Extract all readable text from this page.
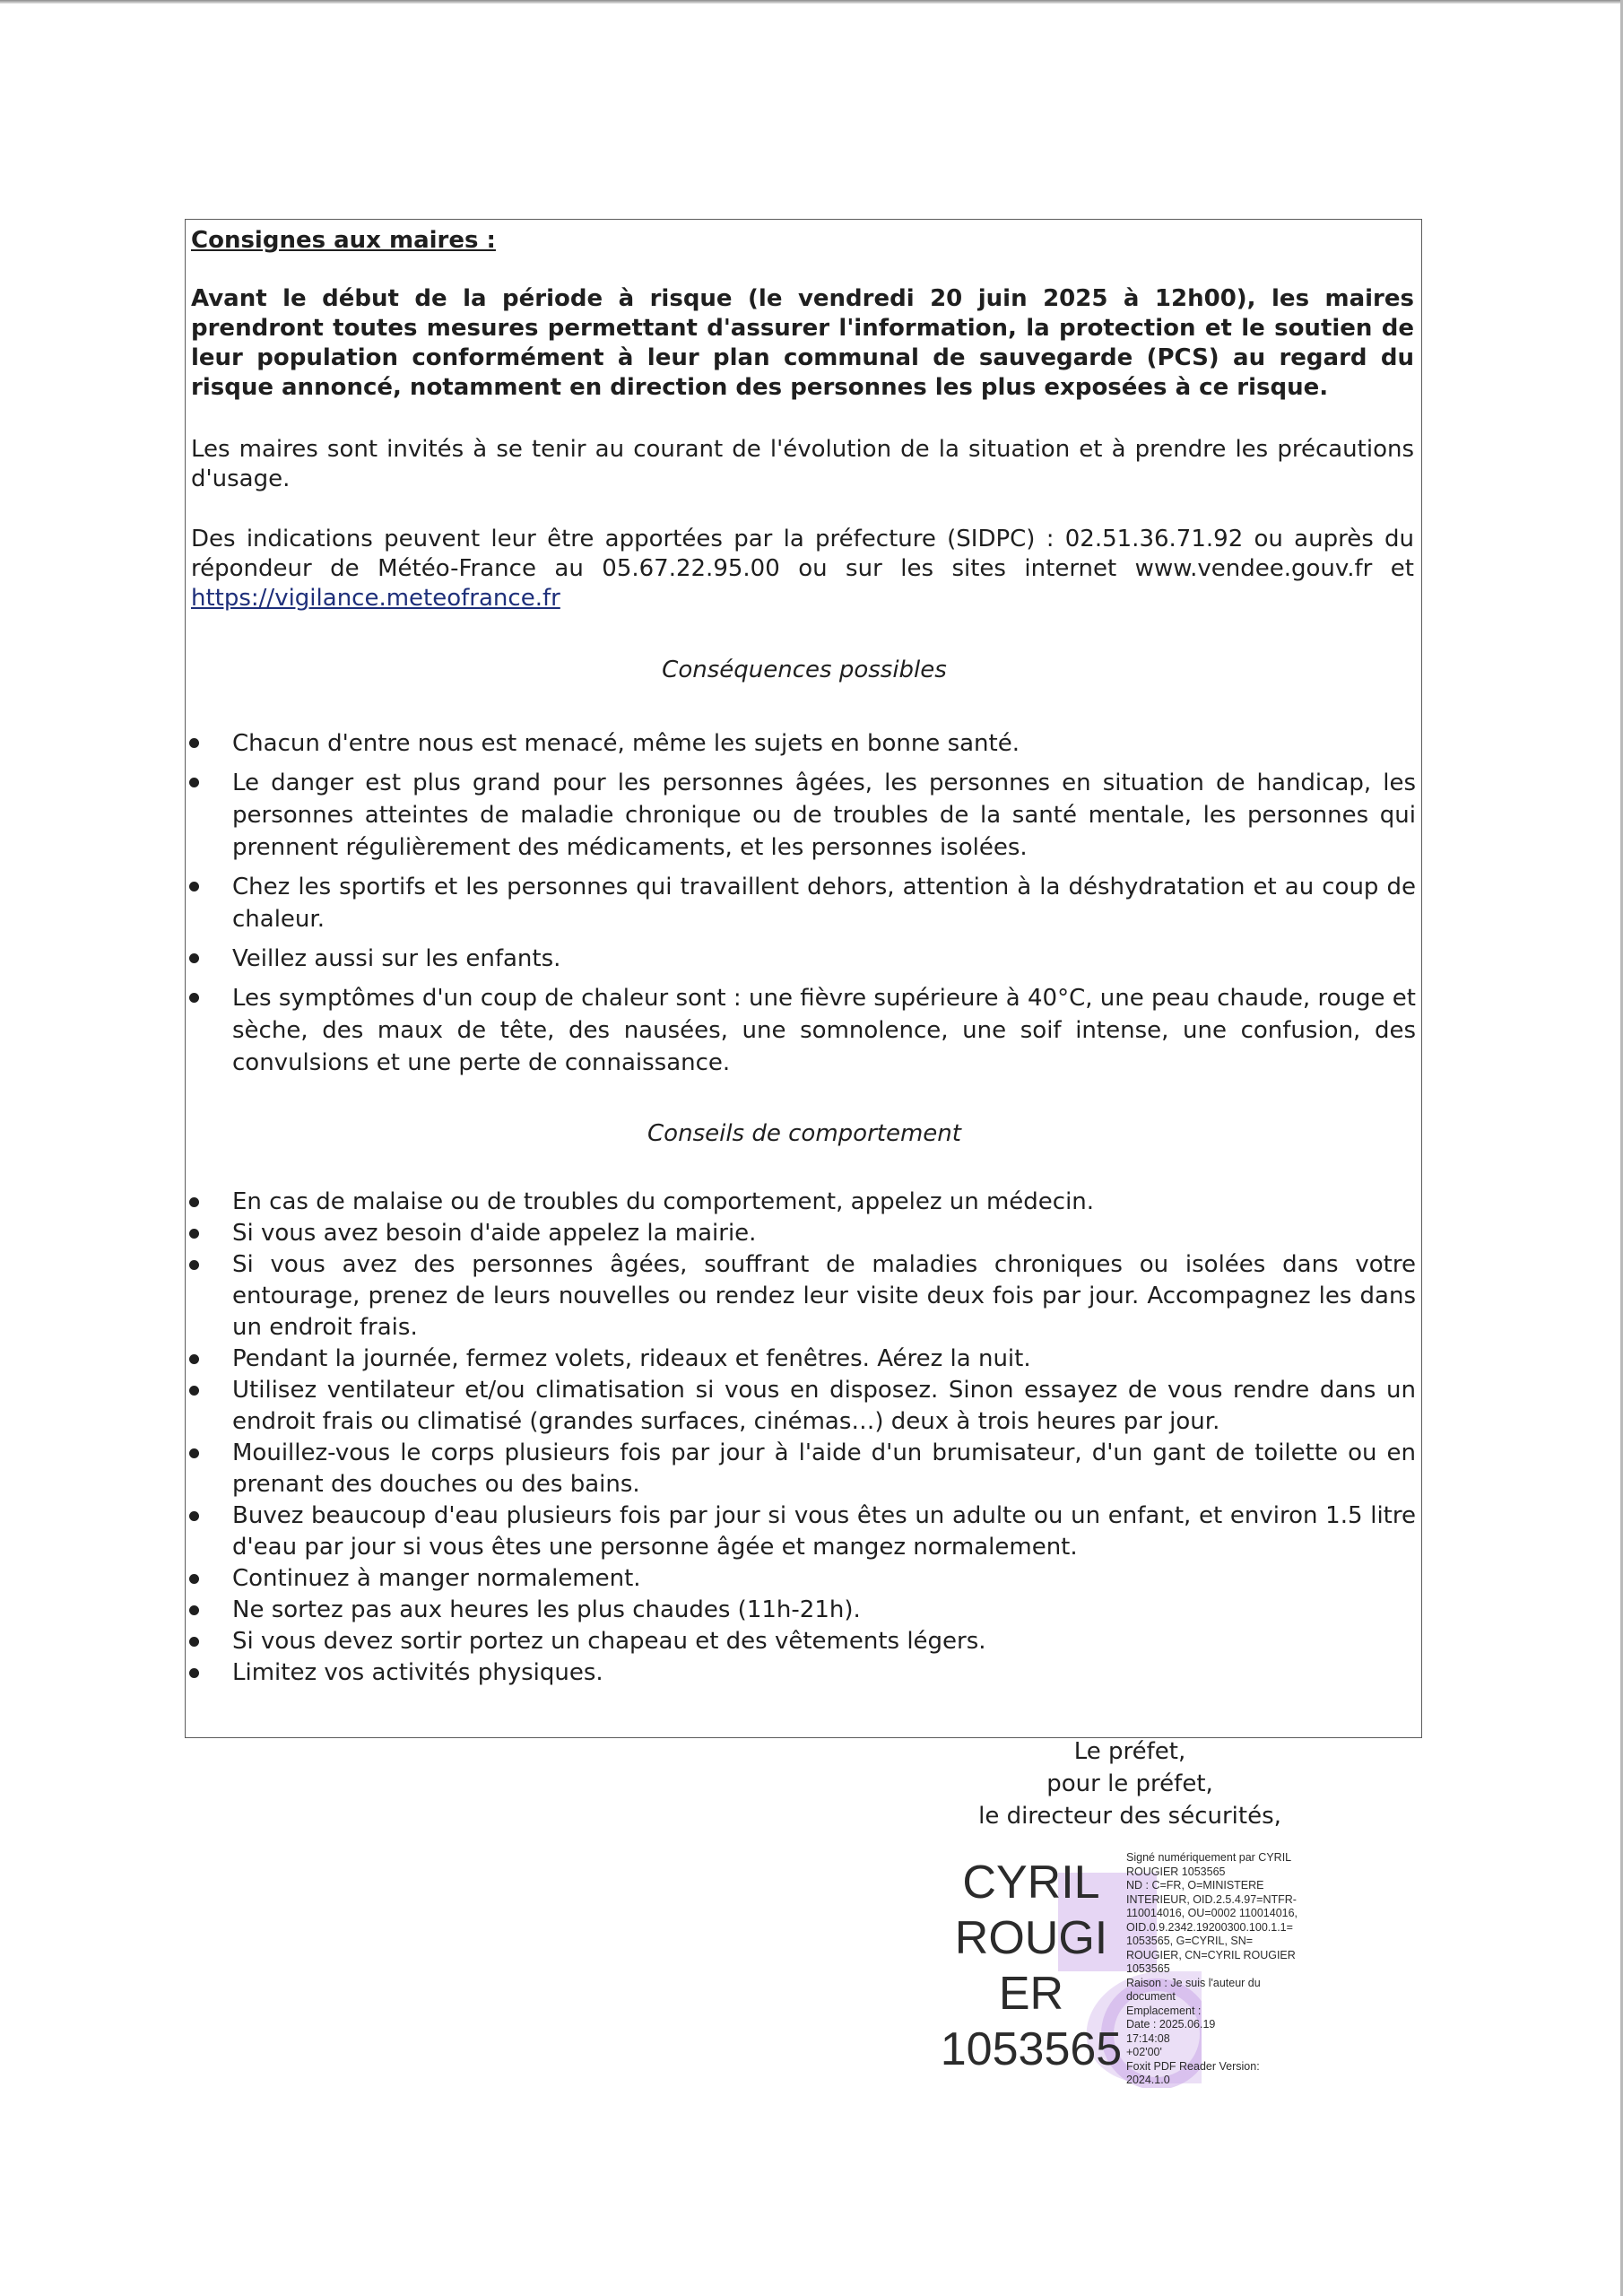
Consignes aux maires :
Avant le début de la période à risque (le vendredi 20 juin 2025 à 12h00), les maires prendront toutes mesures permettant d'assurer l'information, la protection et le soutien de leur population conformément à leur plan communal de sauvegarde (PCS) au regard du risque annoncé, notamment en direction des personnes les plus exposées à ce risque.
Les maires sont invités à se tenir au courant de l'évolution de la situation et à prendre les précautions d'usage.
Des indications peuvent leur être apportées par la préfecture (SIDPC) : 02.51.36.71.92 ou auprès du répondeur de Météo-France au 05.67.22.95.00 ou sur les sites internet www.vendee.gouv.fr et https://vigilance.meteofrance.fr
Conséquences possibles
Chacun d'entre nous est menacé, même les sujets en bonne santé.
Le danger est plus grand pour les personnes âgées, les personnes en situation de handicap, les personnes atteintes de maladie chronique ou de troubles de la santé mentale, les personnes qui prennent régulièrement des médicaments, et les personnes isolées.
Chez les sportifs et les personnes qui travaillent dehors, attention à la déshydratation et au coup de chaleur.
Veillez aussi sur les enfants.
Les symptômes d'un coup de chaleur sont : une fièvre supérieure à 40°C, une peau chaude, rouge et sèche, des maux de tête, des nausées, une somnolence, une soif intense, une confusion, des convulsions et une perte de connaissance.
Conseils de comportement
En cas de malaise ou de troubles du comportement, appelez un médecin.
Si vous avez besoin d'aide appelez la mairie.
Si vous avez des personnes âgées, souffrant de maladies chroniques ou isolées dans votre entourage, prenez de leurs nouvelles ou rendez leur visite deux fois par jour. Accompagnez les dans un endroit frais.
Pendant la journée, fermez volets, rideaux et fenêtres. Aérez la nuit.
Utilisez ventilateur et/ou climatisation si vous en disposez. Sinon essayez de vous rendre dans un endroit frais ou climatisé (grandes surfaces, cinémas…) deux à trois heures par jour.
Mouillez-vous le corps plusieurs fois par jour à l'aide d'un brumisateur, d'un gant de toilette ou en prenant des douches ou des bains.
Buvez beaucoup d'eau plusieurs fois par jour si vous êtes un adulte ou un enfant, et environ 1.5 litre d'eau par jour si vous êtes une personne âgée et mangez normalement.
Continuez à manger normalement.
Ne sortez pas aux heures les plus chaudes (11h-21h).
Si vous devez sortir portez un chapeau et des vêtements légers.
Limitez vos activités physiques.
Le préfet,
pour le préfet,
le directeur des sécurités,
CYRIL
ROUGI
ER
1053565
Signé numériquement par CYRIL
ROUGIER 1053565
ND : C=FR, O=MINISTERE
INTERIEUR, OID.2.5.4.97=NTFR-
110014016, OU=0002 110014016,
OID.0.9.2342.19200300.100.1.1=
1053565, G=CYRIL, SN=
ROUGIER, CN=CYRIL ROUGIER
1053565
Raison : Je suis l'auteur du
document
Emplacement :
Date : 2025.06.19
17:14:08
+02'00'
Foxit PDF Reader Version:
2024.1.0
